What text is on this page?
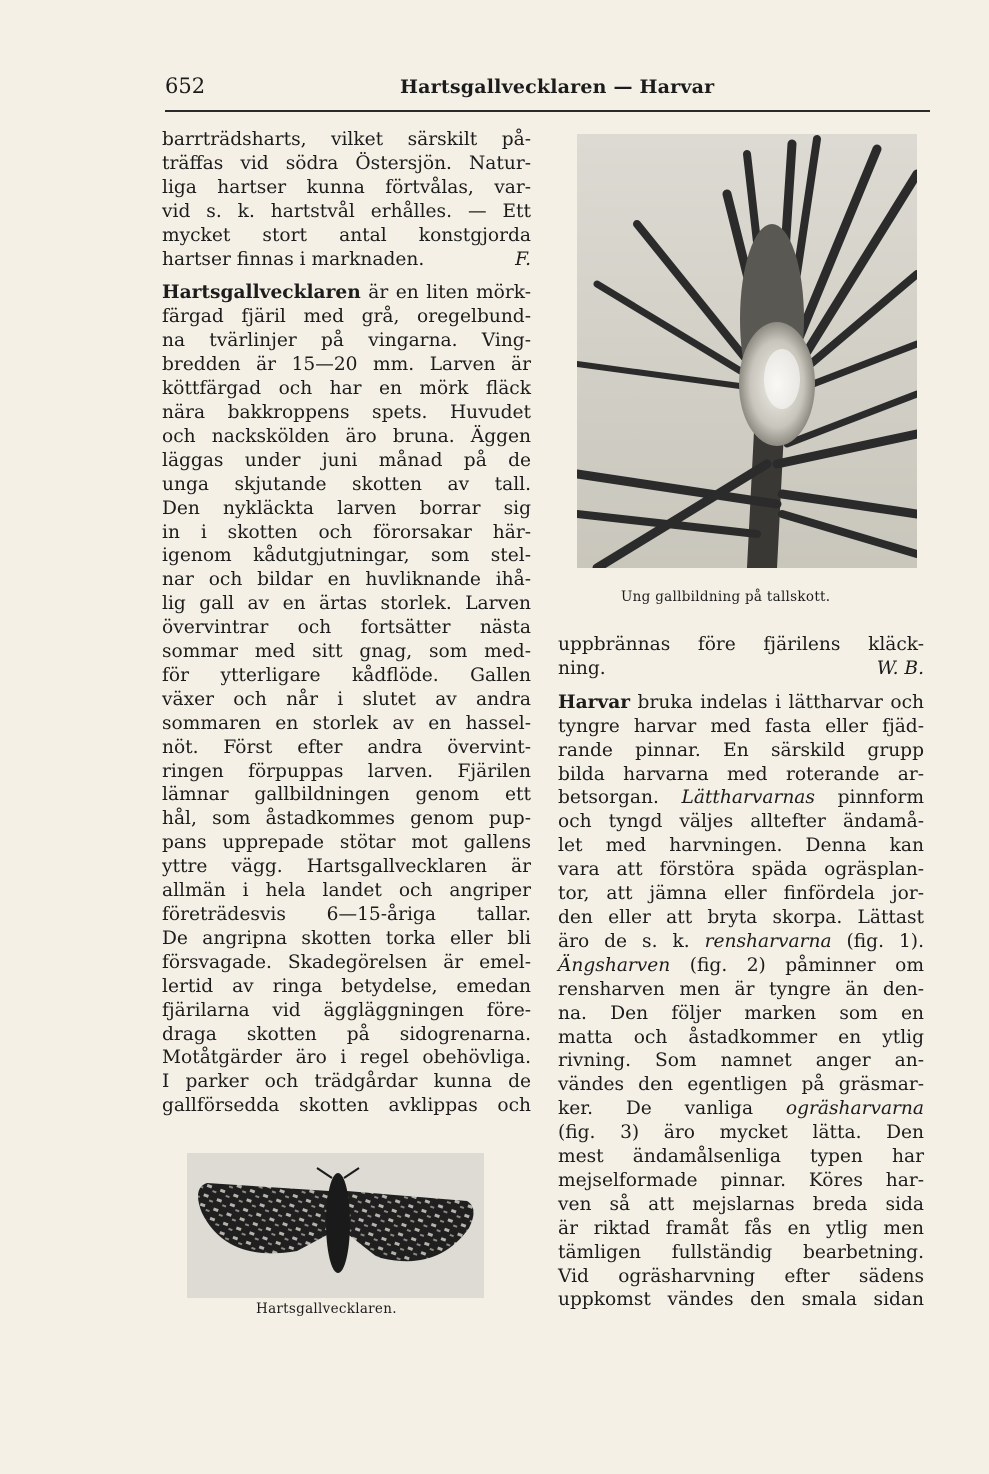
652	Hartsgallvecklaren — Harvar
barrträdsharts, vilket särskilt på-
träffas vid södra Östersjön. Natur-
liga hartser kunna förtvålas, var-
vid s. k. hartstvål erhålles. — Ett
mycket stort antal konstgjorda
hartser finnas i marknaden.	F.
Hartsgallvecklaren är en liten mörk-
färgad fjäril med grå, oregelbund-
na tvärlinjer på vingarna. Ving-
bredden är 15—20 mm. Larven är
köttfärgad och har en mörk fläck
nära bakkroppens spets. Huvudet
och nackskölden äro bruna. Äggen
läggas under juni månad på de
unga skjutande skotten av tall.
Den nykläckta larven borrar sig
in i skotten och förorsakar här-
igenom kådutgjutningar, som stel-
nar och bildar en huvliknande ihå-
lig gall av en ärtas storlek. Larven
övervintrar och fortsätter nästa
sommar med sitt gnag, som med-
för ytterligare kådflöde. Gallen
växer och når i slutet av andra
sommaren en storlek av en hassel-
nöt. Först efter andra övervint-
ringen förpuppas larven. Fjärilen
lämnar gallbildningen genom ett
hål, som åstadkommes genom pup-
pans upprepade stötar mot gallens
yttre vägg. Hartsgallvecklaren är
allmän i hela landet och angriper
företrädesvis 6—15-åriga tallar.
De angripna skotten torka eller bli
försvagade. Skadegörelsen är emel-
lertid av ringa betydelse, emedan
fjärilarna vid äggläggningen före-
draga skotten på sidogrenarna.
Motåtgärder äro i regel obehövliga.
I parker och trädgårdar kunna de
gallförsedda skotten avklippas och
uppbrännas före fjärilens kläck-
ning.	W. B.
Harvar bruka indelas i lättharvar och
tyngre harvar med fasta eller fjäd-
rande pinnar. En särskild grupp
bilda harvarna med roterande ar-
betsorgan. Lättharvarnas pinnform
och tyngd väljes alltefter ändamå-
let med harvningen. Denna kan
vara att förstöra späda ogräsplan-
tor, att jämna eller finfördela jor-
den eller att bryta skorpa. Lättast
äro de s. k. rensharvarna (fig. 1).
Ängsharven (fig. 2) påminner om
rensharven men är tyngre än den-
na. Den följer marken som en
matta och åstadkommer en ytlig
rivning. Som namnet anger an-
vändes den egentligen på gräsmar-
ker. De vanliga ogräsharvarna
(fig. 3) äro mycket lätta. Den
mest ändamålsenliga typen har
mejselformade pinnar. Köres har-
ven så att mejslarnas breda sida
är riktad framåt fås en ytlig men
tämligen fullständig bearbetning.
Vid ogräsharvning efter sädens
uppkomst vändes den smala sidan
Ung gallbildning på tallskott.
Hartsgallvecklaren.
